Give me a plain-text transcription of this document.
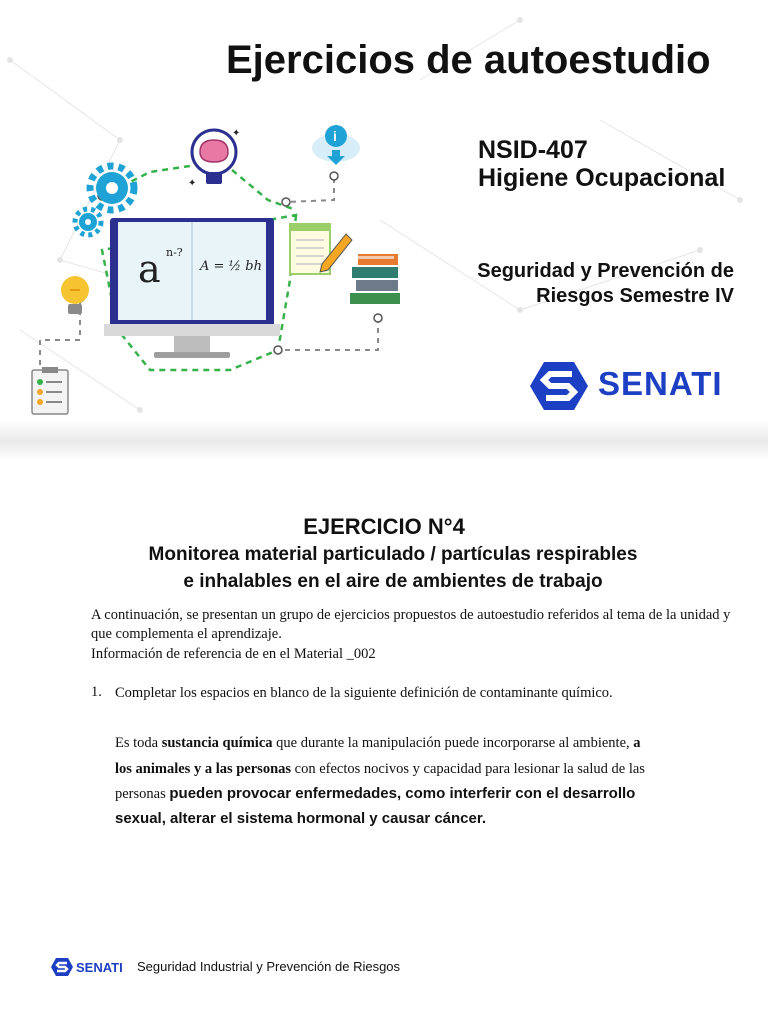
a n-?
A = ½ bh
✦
✦	i
Ejercicios de autoestudio
NSID-407
Higiene Ocupacional
Seguridad y Prevención de
Riesgos Semestre IV
SENATI
EJERCICIO N°4
Monitorea material particulado / partículas respirables
e inhalables en el aire de ambientes de trabajo

A continuación, se presentan un grupo de ejercicios propuestos de autoestudio referidos al tema de la unidad y que complementa el aprendizaje.

Información de referencia de en el Material _002
1. Completar los espacios en blanco de la siguiente definición de contaminante químico.
Es toda sustancia química que durante la manipulación puede incorporarse al ambiente, a
los animales y a las personas con efectos nocivos y capacidad para lesionar la salud de las
personas pueden provocar enfermedades, como interferir con el desarrollo
sexual, alterar el sistema hormonal y causar cáncer.
SENATI Seguridad Industrial y Prevención de Riesgos
